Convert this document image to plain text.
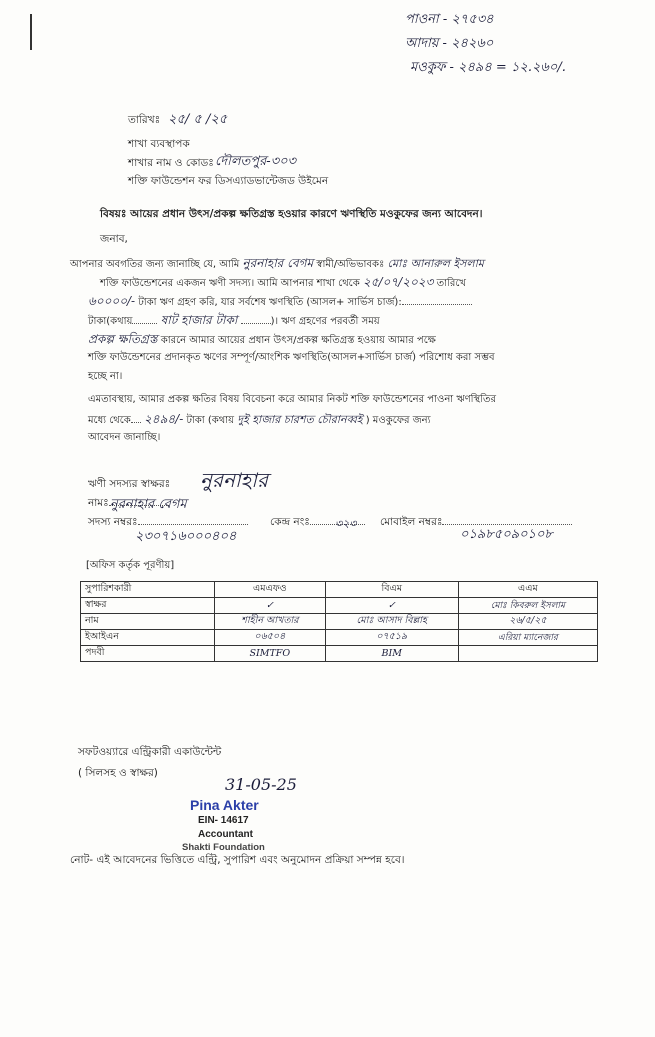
পাওনা - ২৭৫৩৪
আদায় - ২৪২৬০
মওকুফ - ২৪৯৪ = ১২.২৬০/.
তারিখঃ ২৫/ ৫ /২৫
শাখা ব্যবস্থাপক
শাখার নাম ও কোডঃ দৌলতপুর-৩০৩
শক্তি ফাউন্ডেশন ফর ডিসএ্যাডভান্টেজড উইমেন
বিষয়ঃ আয়ের প্রধান উৎস/প্রকল্প ক্ষতিগ্রস্ত হওয়ার কারণে ঋণস্থিতি মওকুফের জন্য আবেদন।
জনাব,
আপনার অবগতির জন্য জানাচ্ছি যে, আমি নুরনাহার বেগম স্বামী/অভিভাবকঃ মোঃ আনারুল ইসলাম
শক্তি ফাউন্ডেশনের একজন ঋণী সদস্য। আমি আপনার শাখা থেকে ২৫/০৭/২০২৩ তারিখে
৬০০০০/- টাকা ঋণ গ্রহণ করি, যার সর্বশেষ ঋণস্থিতি (আসল+ সার্ভিস চার্জ):
টাকা(কথায় ষাট হাজার টাকা	)। ঋণ গ্রহণের পরবর্তী সময়
প্রকল্প ক্ষতিগ্রস্ত কারনে আমার আয়ের প্রধান উৎস/প্রকল্প ক্ষতিগ্রস্ত হওয়ায় আমার পক্ষে
শক্তি ফাউন্ডেশনের প্রদানকৃত ঋণের সম্পূর্ণ/আংশিক ঋণস্থিতি(আসল+সার্ভিস চার্জ) পরিশোধ করা সম্ভব
হচ্ছে না।
এমতাবস্থায়, আমার প্রকল্প ক্ষতির বিষয় বিবেচনা করে আমার নিকট শক্তি ফাউন্ডেশনের পাওনা ঋণস্থিতির
মধ্যে থেকে ২৪৯৪/- টাকা (কথায় দুই হাজার চারশত চৌরানব্বই ) মওকুফের জন্য
আবেদন জানাচ্ছি।
ঋণী সদস্যর স্বাক্ষরঃ নুরনাহার
নামঃ নুরনাহার বেগম
সদস্য নম্বরঃ	কেন্দ্র নংঃ	৩২৩ মোবাইল নম্বরঃ
২৩০৭১৬০০০৪০৪	০১৯৮৫০৯০১০৮
[অফিস কর্তৃক পূরণীয়]
সুপারিশকারী	এমএফও	বিএম	এএম
স্বাক্ষর	✓	✓	মোঃ কিবরুল ইসলাম
নাম	শাহীন আখতার	মোঃ আসাদ বিল্লাহ	২৬/৫/২৫
ইআইএন	০৬৫০৪	০৭৫১৯	এরিয়া ম্যানেজার
পদবী	SIMTFO	BIM	
সফটওয়্যারে এন্ট্রিকারী একাউন্টেন্ট
( সিলসহ ও স্বাক্ষর)
31-05-25
Pina Akter
EIN- 14617
Accountant
Shakti Foundation
নোট- এই আবেদনের ভিত্তিতে এন্ট্রি, সুপারিশ এবং অনুমোদন প্রক্রিয়া সম্পন্ন হবে।
